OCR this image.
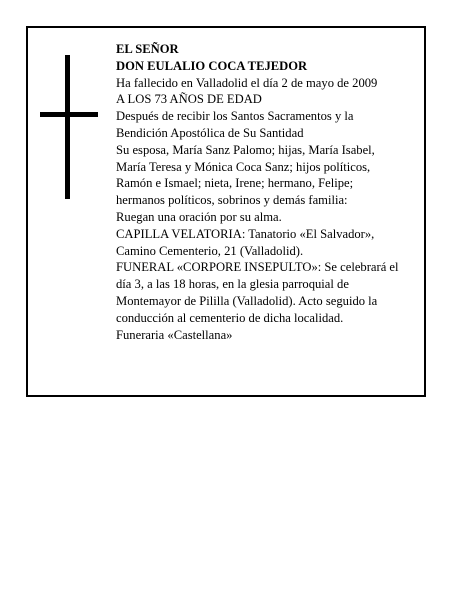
EL SEÑOR
DON EULALIO COCA TEJEDOR
Ha fallecido en Valladolid el día 2 de mayo de 2009
A LOS 73 AÑOS DE EDAD
Después de recibir los Santos Sacramentos y la
Bendición Apostólica de Su Santidad
Su esposa, María Sanz Palomo; hijas, María Isabel,
María Teresa y Mónica Coca Sanz; hijos políticos,
Ramón e Ismael; nieta, Irene; hermano, Felipe;
hermanos políticos, sobrinos y demás familia:
Ruegan una oración por su alma.
CAPILLA VELATORIA: Tanatorio «El Salvador»,
Camino Cementerio, 21 (Valladolid).
FUNERAL «CORPORE INSEPULTO»: Se celebrará el
día 3, a las 18 horas, en la glesia parroquial de
Montemayor de Pililla (Valladolid). Acto seguido la
conducción al cementerio de dicha localidad.
Funeraria «Castellana»
